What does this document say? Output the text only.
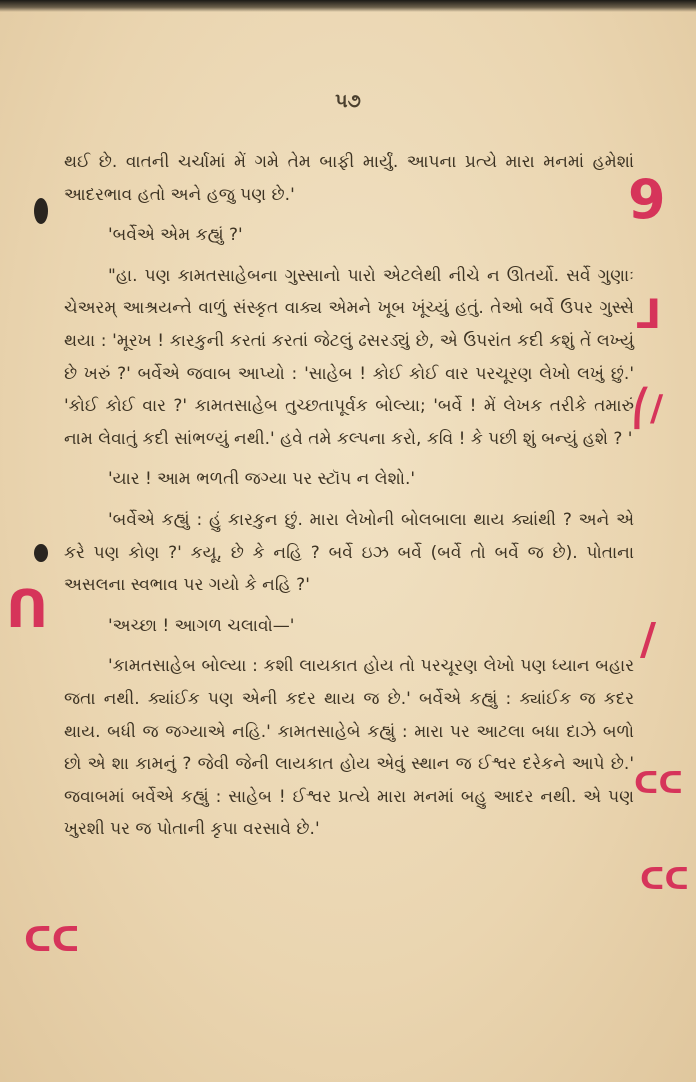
૫૭

થઈ છે. વાતની ચર્ચામાં મેં ગમે તેમ બાફી માર્યું. આપના પ્રત્યે મારા મનમાં હમેશાં આદરભાવ હતો અને હજુ પણ છે.'

'બર્વેએ એમ કહ્યું ?'

"હા. પણ કામતસાહેબના ગુસ્સાનો પારો એટલેથી નીચે ન ઊતર્યો. સર્વે ગુણાઃ ચેઅરમ્ આશ્રયન્તે વાળું સંસ્કૃત વાક્ય એમને ખૂબ ખૂંચ્યું હતું. તેઓ બર્વે ઉપર ગુસ્સે થયા : 'મૂરખ ! કારકુની કરતાં કરતાં જેટલું ઢસરડ્યું છે, એ ઉપરાંત કદી કશું તેં લખ્યું છે ખરું ?' બર્વેએ જવાબ આપ્યો : 'સાહેબ ! કોઈ કોઈ વાર પરચૂરણ લેખો લખું છું.' 'કોઈ કોઈ વાર ?' કામતસાહેબ તુચ્છતાપૂર્વક બોલ્યા; 'બર્વે ! મેં લેખક તરીકે તમારું નામ લેવાતું કદી સાંભળ્યું નથી.' હવે તમે કલ્પના કરો, કવિ ! કે પછી શું બન્યું હશે ? '

'યાર ! આમ ભળતી જગ્યા પર સ્ટૉપ ન લેશો.'

'બર્વેએ કહ્યું : હું કારકુન છું. મારા લેખોની બોલબાલા થાય ક્યાંથી ? અને એ કરે પણ કોણ ?' કયૂ, છે કે નહિ ? બર્વે ઇઝ બર્વે (બર્વે તો બર્વે જ છે). પોતાના અસલના સ્વભાવ પર ગયો કે નહિ ?'

'અચ્છા ! આગળ ચલાવો—'

'કામતસાહેબ બોલ્યા : કશી લાયકાત હોય તો પરચૂરણ લેખો પણ ધ્યાન બહાર જતા નથી. ક્યાંઈક પણ એની કદર થાય જ છે.' બર્વેએ કહ્યું : ક્યાંઈક જ કદર થાય. બધી જ જગ્યાએ નહિ.' કામતસાહેબે કહ્યું : મારા પર આટલા બધા દાઝે બળો છો એ શા કામનું ? જેવી જેની લાયકાત હોય એવું સ્થાન જ ઈશ્વર દરેકને આપે છે.' જવાબમાં બર્વેએ કહ્યું : સાહેબ ! ઈશ્વર પ્રત્યે મારા મનમાં બહુ આદર નથી. એ પણ ખુરશી પર જ પોતાની કૃપા વરસાવે છે.'

9
ᒧ
⎛/
ᑎ	/
ᑕᑕ
ᑕᑕ
ᑕᑕ
